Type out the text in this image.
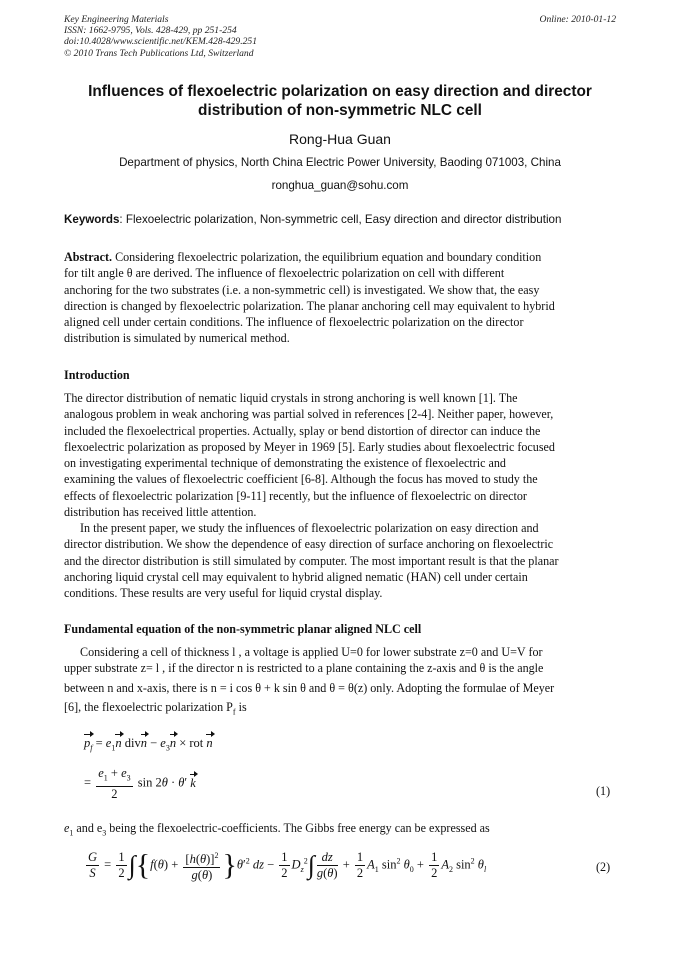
Key Engineering Materials
ISSN: 1662-9795, Vols. 428-429, pp 251-254
doi:10.4028/www.scientific.net/KEM.428-429.251
© 2010 Trans Tech Publications Ltd, Switzerland
Online: 2010-01-12
Influences of flexoelectric polarization on easy direction and director
distribution of non-symmetric NLC cell
Rong-Hua Guan
Department of physics, North China Electric Power University, Baoding 071003, China
ronghua_guan@sohu.com
Keywords: Flexoelectric polarization, Non-symmetric cell, Easy direction and director distribution
Abstract. Considering flexoelectric polarization, the equilibrium equation and boundary condition
for tilt angle θ are derived. The influence of flexoelectric polarization on cell with different
anchoring for the two substrates (i.e. a non-symmetric cell) is investigated. We show that, the easy
direction is changed by flexoelectric polarization. The planar anchoring cell may equivalent to hybrid
aligned cell under certain conditions. The influence of flexoelectric polarization on the director
distribution is simulated by numerical method.
Introduction
The director distribution of nematic liquid crystals in strong anchoring is well known [1]. The
analogous problem in weak anchoring was partial solved in references [2-4]. Neither paper, however,
included the flexoelectrical properties. Actually, splay or bend distortion of director can induce the
flexoelectric polarization as proposed by Meyer in 1969 [5]. Early studies about flexoelectric focused
on investigating experimental technique of demonstrating the existence of flexoelectric and
examining the values of flexoelectric coefficient [6-8]. Although the focus has moved to study the
effects of flexoelectric polarization [9-11] recently, but the influence of flexoelectric on director
distribution has received little attention.
In the present paper, we study the influences of flexoelectric polarization on easy direction and
director distribution. We show the dependence of easy direction of surface anchoring on flexoelectric
and the director distribution is still simulated by computer. The most important result is that the planar
anchoring liquid crystal cell may equivalent to hybrid aligned nematic (HAN) cell under certain
conditions. These results are very useful for liquid crystal display.
Fundamental equation of the non-symmetric planar aligned NLC cell
Considering a cell of thickness l , a voltage is applied U=0 for lower substrate z=0 and U=V for
upper substrate z= l , if the director n is restricted to a plane containing the z-axis and θ is the angle
between n and x-axis, there is n = i cos θ + k sin θ and θ = θ(z) only. Adopting the formulae of Meyer
[6], the flexoelectric polarization $P_f$ is
$p_f = e_1n$ divn − $e_3n$ × rot n
= $\frac{e_1 + e_3}{2}$ sin 2θ · θ′ k
(1)
$e_1$ and $e_3$ being the flexoelectric-coefficients. The Gibbs free energy can be expressed as
$\frac{G}{S} = \frac{1}{2} \int\{f(\theta) + \frac{[h(\theta)]^2}{g(\theta)} \}\theta'^2$ dz − $\frac{1}{2} D_z^2\int \frac{dz}{g(\theta)} + \frac{1}{2} A_1$ $\sin^2 \theta_0 + \frac{1}{2} A_2$ $\sin^2 \theta_l$	(2)
